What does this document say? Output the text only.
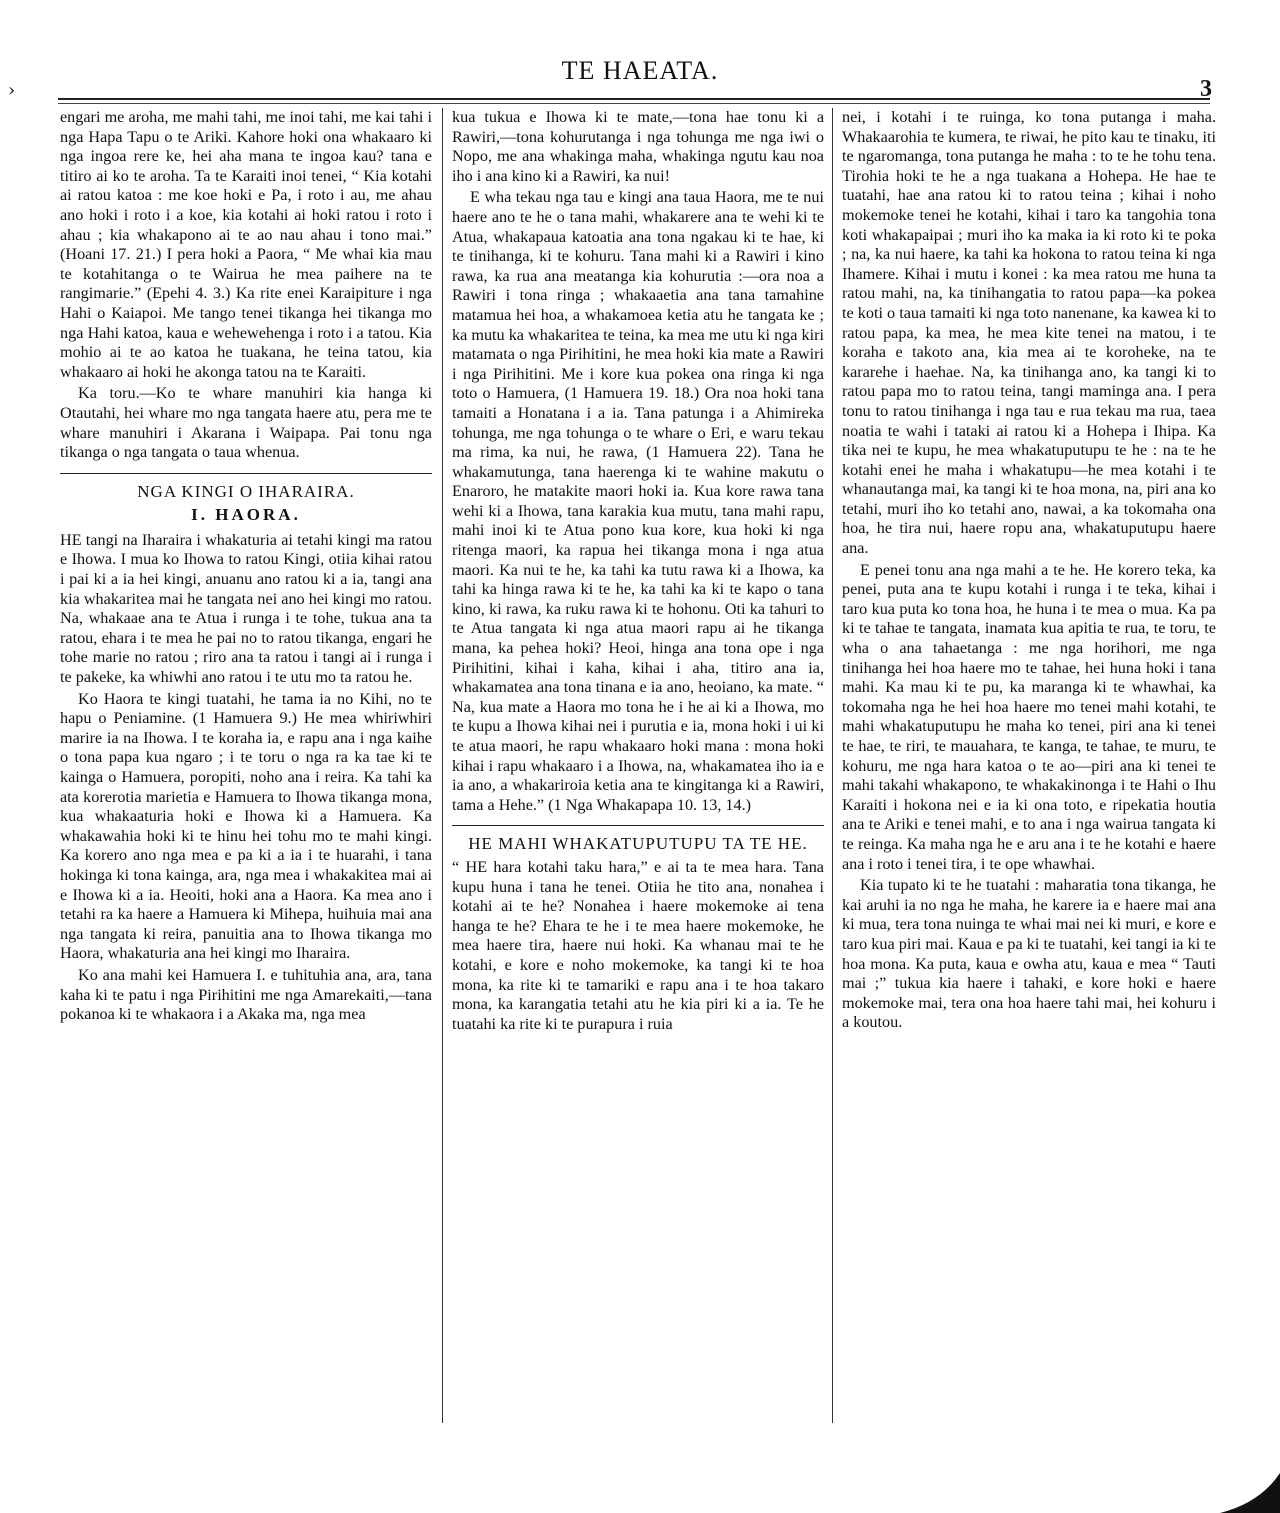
›
TE HAEATA.
3

engari me aroha, me mahi tahi, me inoi tahi, me kai tahi i nga Hapa Tapu o te Ariki. Kahore hoki ona whakaaro ki nga ingoa rere ke, hei aha mana te ingoa kau? tana e titiro ai ko te aroha. Ta te Karaiti inoi tenei, “ Kia kotahi ai ratou katoa : me koe hoki e Pa, i roto i au, me ahau ano hoki i roto i a koe, kia kotahi ai hoki ratou i roto i ahau ; kia whakapono ai te ao nau ahau i tono mai.” (Hoani 17. 21.) I pera hoki a Paora, “ Me whai kia mau te kotahitanga o te Wairua he mea paihere na te rangimarie.” (Epehi 4. 3.) Ka rite enei Karaipiture i nga Hahi o Kaiapoi. Me tango tenei tikanga hei tikanga mo nga Hahi katoa, kaua e wehewehenga i roto i a tatou. Kia mohio ai te ao katoa he tuakana, he teina tatou, kia whakaaro ai hoki he akonga tatou na te Karaiti.

Ka toru.—Ko te whare manuhiri kia hanga ki Otautahi, hei whare mo nga tangata haere atu, pera me te whare manuhiri i Akarana i Waipapa. Pai tonu nga tikanga o nga tangata o taua whenua.

NGA KINGI O IHARAIRA.
I. HAORA.

HE tangi na Iharaira i whakaturia ai tetahi kingi ma ratou e Ihowa. I mua ko Ihowa to ratou Kingi, otiia kihai ratou i pai ki a ia hei kingi, anuanu ano ratou ki a ia, tangi ana kia whakaritea mai he tangata nei ano hei kingi mo ratou. Na, whakaae ana te Atua i runga i te tohe, tukua ana ta ratou, ehara i te mea he pai no to ratou tikanga, engari he tohe marie no ratou ; riro ana ta ratou i tangi ai i runga i te pakeke, ka whiwhi ano ratou i te utu mo ta ratou he.

Ko Haora te kingi tuatahi, he tama ia no Kihi, no te hapu o Peniamine. (1 Hamuera 9.) He mea whiriwhiri marire ia na Ihowa. I te koraha ia, e rapu ana i nga kaihe o tona papa kua ngaro ; i te toru o nga ra ka tae ki te kainga o Hamuera, poropiti, noho ana i reira. Ka tahi ka ata korerotia marietia e Hamuera to Ihowa tikanga mona, kua whakaaturia hoki e Ihowa ki a Hamuera. Ka whakawahia hoki ki te hinu hei tohu mo te mahi kingi. Ka korero ano nga mea e pa ki a ia i te huarahi, i tana hokinga ki tona kainga, ara, nga mea i whakakitea mai ai e Ihowa ki a ia. Heoiti, hoki ana a Haora. Ka mea ano i tetahi ra ka haere a Hamuera ki Mihepa, huihuia mai ana nga tangata ki reira, panuitia ana to Ihowa tikanga mo Haora, whakaturia ana hei kingi mo Iharaira.

Ko ana mahi kei Hamuera I. e tuhituhia ana, ara, tana kaha ki te patu i nga Pirihitini me nga Amarekaiti,—tana pokanoa ki te whakaora i a Akaka ma, nga mea

kua tukua e Ihowa ki te mate,—tona hae tonu ki a Rawiri,—tona kohurutanga i nga tohunga me nga iwi o Nopo, me ana whakinga maha, whakinga ngutu kau noa iho i ana kino ki a Rawiri, ka nui!

E wha tekau nga tau e kingi ana taua Haora, me te nui haere ano te he o tana mahi, whakarere ana te wehi ki te Atua, whakapaua katoatia ana tona ngakau ki te hae, ki te tinihanga, ki te kohuru. Tana mahi ki a Rawiri i kino rawa, ka rua ana meatanga kia kohurutia :—ora noa a Rawiri i tona ringa ; whakaaetia ana tana tamahine matamua hei hoa, a whakamoea ketia atu he tangata ke ; ka mutu ka whakaritea te teina, ka mea me utu ki nga kiri matamata o nga Pirihitini, he mea hoki kia mate a Rawiri i nga Pirihitini. Me i kore kua pokea ona ringa ki nga toto o Hamuera, (1 Hamuera 19. 18.) Ora noa hoki tana tamaiti a Honatana i a ia. Tana patunga i a Ahimireka tohunga, me nga tohunga o te whare o Eri, e waru tekau ma rima, ka nui, he rawa, (1 Hamuera 22). Tana he whakamutunga, tana haerenga ki te wahine makutu o Enaroro, he matakite maori hoki ia. Kua kore rawa tana wehi ki a Ihowa, tana karakia kua mutu, tana mahi rapu, mahi inoi ki te Atua pono kua kore, kua hoki ki nga ritenga maori, ka rapua hei tikanga mona i nga atua maori. Ka nui te he, ka tahi ka tutu rawa ki a Ihowa, ka tahi ka hinga rawa ki te he, ka tahi ka ki te kapo o tana kino, ki rawa, ka ruku rawa ki te hohonu. Oti ka tahuri to te Atua tangata ki nga atua maori rapu ai he tikanga mana, ka pehea hoki? Heoi, hinga ana tona ope i nga Pirihitini, kihai i kaha, kihai i aha, titiro ana ia, whakamatea ana tona tinana e ia ano, heoiano, ka mate. “ Na, kua mate a Haora mo tona he i he ai ki a Ihowa, mo te kupu a Ihowa kihai nei i purutia e ia, mona hoki i ui ki te atua maori, he rapu whakaaro hoki mana : mona hoki kihai i rapu whakaaro i a Ihowa, na, whakamatea iho ia e ia ano, a whakariroia ketia ana te kingitanga ki a Rawiri, tama a Hehe.” (1 Nga Whakapapa 10. 13, 14.)

HE MAHI WHAKATUPUTUPU TA TE HE.

“ HE hara kotahi taku hara,” e ai ta te mea hara. Tana kupu huna i tana he tenei. Otiia he tito ana, nonahea i kotahi ai te he? Nonahea i haere mokemoke ai tena hanga te he? Ehara te he i te mea haere mokemoke, he mea haere tira, haere nui hoki. Ka whanau mai te he kotahi, e kore e noho mokemoke, ka tangi ki te hoa mona, ka rite ki te tamariki e rapu ana i te hoa takaro mona, ka karangatia tetahi atu he kia piri ki a ia. Te he tuatahi ka rite ki te purapura i ruia

nei, i kotahi i te ruinga, ko tona putanga i maha. Whakaarohia te kumera, te riwai, he pito kau te tinaku, iti te ngaromanga, tona putanga he maha : to te he tohu tena. Tirohia hoki te he a nga tuakana a Hohepa. He hae te tuatahi, hae ana ratou ki to ratou teina ; kihai i noho mokemoke tenei he kotahi, kihai i taro ka tangohia tona koti whakapaipai ; muri iho ka maka ia ki roto ki te poka ; na, ka nui haere, ka tahi ka hokona to ratou teina ki nga Ihamere. Kihai i mutu i konei : ka mea ratou me huna ta ratou mahi, na, ka tinihangatia to ratou papa—ka pokea te koti o taua tamaiti ki nga toto nanenane, ka kawea ki to ratou papa, ka mea, he mea kite tenei na matou, i te koraha e takoto ana, kia mea ai te koroheke, na te kararehe i haehae. Na, ka tinihanga ano, ka tangi ki to ratou papa mo to ratou teina, tangi maminga ana. I pera tonu to ratou tinihanga i nga tau e rua tekau ma rua, taea noatia te wahi i tataki ai ratou ki a Hohepa i Ihipa. Ka tika nei te kupu, he mea whakatuputupu te he : na te he kotahi enei he maha i whakatupu—he mea kotahi i te whanautanga mai, ka tangi ki te hoa mona, na, piri ana ko tetahi, muri iho ko tetahi ano, nawai, a ka tokomaha ona hoa, he tira nui, haere ropu ana, whakatuputupu haere ana.

E penei tonu ana nga mahi a te he. He korero teka, ka penei, puta ana te kupu kotahi i runga i te teka, kihai i taro kua puta ko tona hoa, he huna i te mea o mua. Ka pa ki te tahae te tangata, inamata kua apitia te rua, te toru, te wha o ana tahaetanga : me nga horihori, me nga tinihanga hei hoa haere mo te tahae, hei huna hoki i tana mahi. Ka mau ki te pu, ka maranga ki te whawhai, ka tokomaha nga he hei hoa haere mo tenei mahi kotahi, te mahi whakatuputupu he maha ko tenei, piri ana ki tenei te hae, te riri, te mauahara, te kanga, te tahae, te muru, te kohuru, me nga hara katoa o te ao—piri ana ki tenei te mahi takahi whakapono, te whakakinonga i te Hahi o Ihu Karaiti i hokona nei e ia ki ona toto, e ripekatia houtia ana te Ariki e tenei mahi, e to ana i nga wairua tangata ki te reinga. Ka maha nga he e aru ana i te he kotahi e haere ana i roto i tenei tira, i te ope whawhai.

Kia tupato ki te he tuatahi : maharatia tona tikanga, he kai aruhi ia no nga he maha, he karere ia e haere mai ana ki mua, tera tona nuinga te whai mai nei ki muri, e kore e taro kua piri mai. Kaua e pa ki te tuatahi, kei tangi ia ki te hoa mona. Ka puta, kaua e owha atu, kaua e mea “ Tauti mai ;” tukua kia haere i tahaki, e kore hoki e haere mokemoke mai, tera ona hoa haere tahi mai, hei kohuru i a koutou.
